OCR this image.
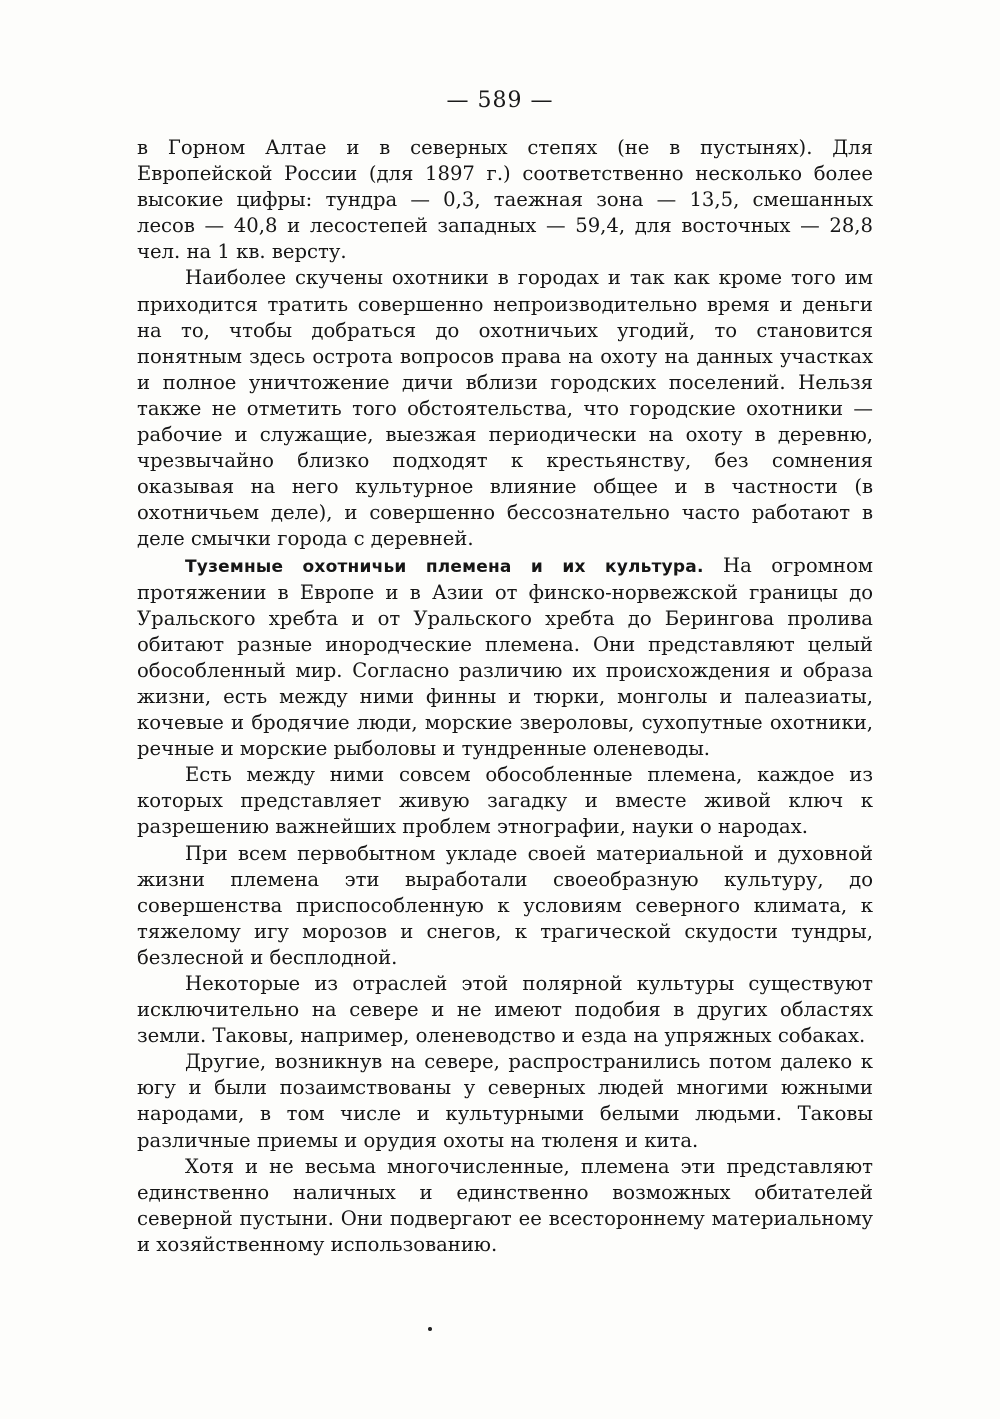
— 589 —

в Горном Алтае и в северных степях (не в пустынях). Для Европейской России (для 1897 г.) соответственно несколько более высокие цифры: тундра — 0,3, таежная зона — 13,5, смешанных лесов — 40,8 и лесостепей западных — 59,4, для восточных — 28,8 чел. на 1 кв. версту.

Наиболее скучены охотники в городах и так как кроме того им приходится тратить совершенно непроизводительно время и деньги на то, чтобы добраться до охотничьих угодий, то становится понятным здесь острота вопросов права на охоту на данных участках и полное уничтожение дичи вблизи городских поселений. Нельзя также не отметить того обстоятельства, что городские охотники — рабочие и служащие, выезжая периодически на охоту в деревню, чрезвычайно близко подходят к крестьянству, без сомнения оказывая на него культурное влияние общее и в частности (в охотничьем деле), и совершенно бессознательно часто работают в деле смычки города с деревней.

Туземные охотничьи племена и их культура. На огромном протяжении в Европе и в Азии от финско-норвежской границы до Уральского хребта и от Уральского хребта до Берингова пролива обитают разные инородческие племена. Они представляют целый обособленный мир. Согласно различию их происхождения и образа жизни, есть между ними финны и тюрки, монголы и палеазиаты, кочевые и бродячие люди, морские звероловы, сухопутные охотники, речные и морские рыболовы и тундренные оленеводы.

Есть между ними совсем обособленные племена, каждое из которых представляет живую загадку и вместе живой ключ к разрешению важнейших проблем этнографии, науки о народах.

При всем первобытном укладе своей материальной и духовной жизни племена эти выработали своеобразную культуру, до совершенства приспособленную к условиям северного климата, к тяжелому игу морозов и снегов, к трагической скудости тундры, безлесной и бесплодной.

Некоторые из отраслей этой полярной культуры существуют исключительно на севере и не имеют подобия в других областях земли. Таковы, например, оленеводство и езда на упряжных собаках.

Другие, возникнув на севере, распространились потом далеко к югу и были позаимствованы у северных людей многими южными народами, в том числе и культурными белыми людьми. Таковы различные приемы и орудия охоты на тюленя и кита.

Хотя и не весьма многочисленные, племена эти представляют единственно наличных и единственно возможных обитателей северной пустыни. Они подвергают ее всестороннему материальному и хозяйственному использованию.
